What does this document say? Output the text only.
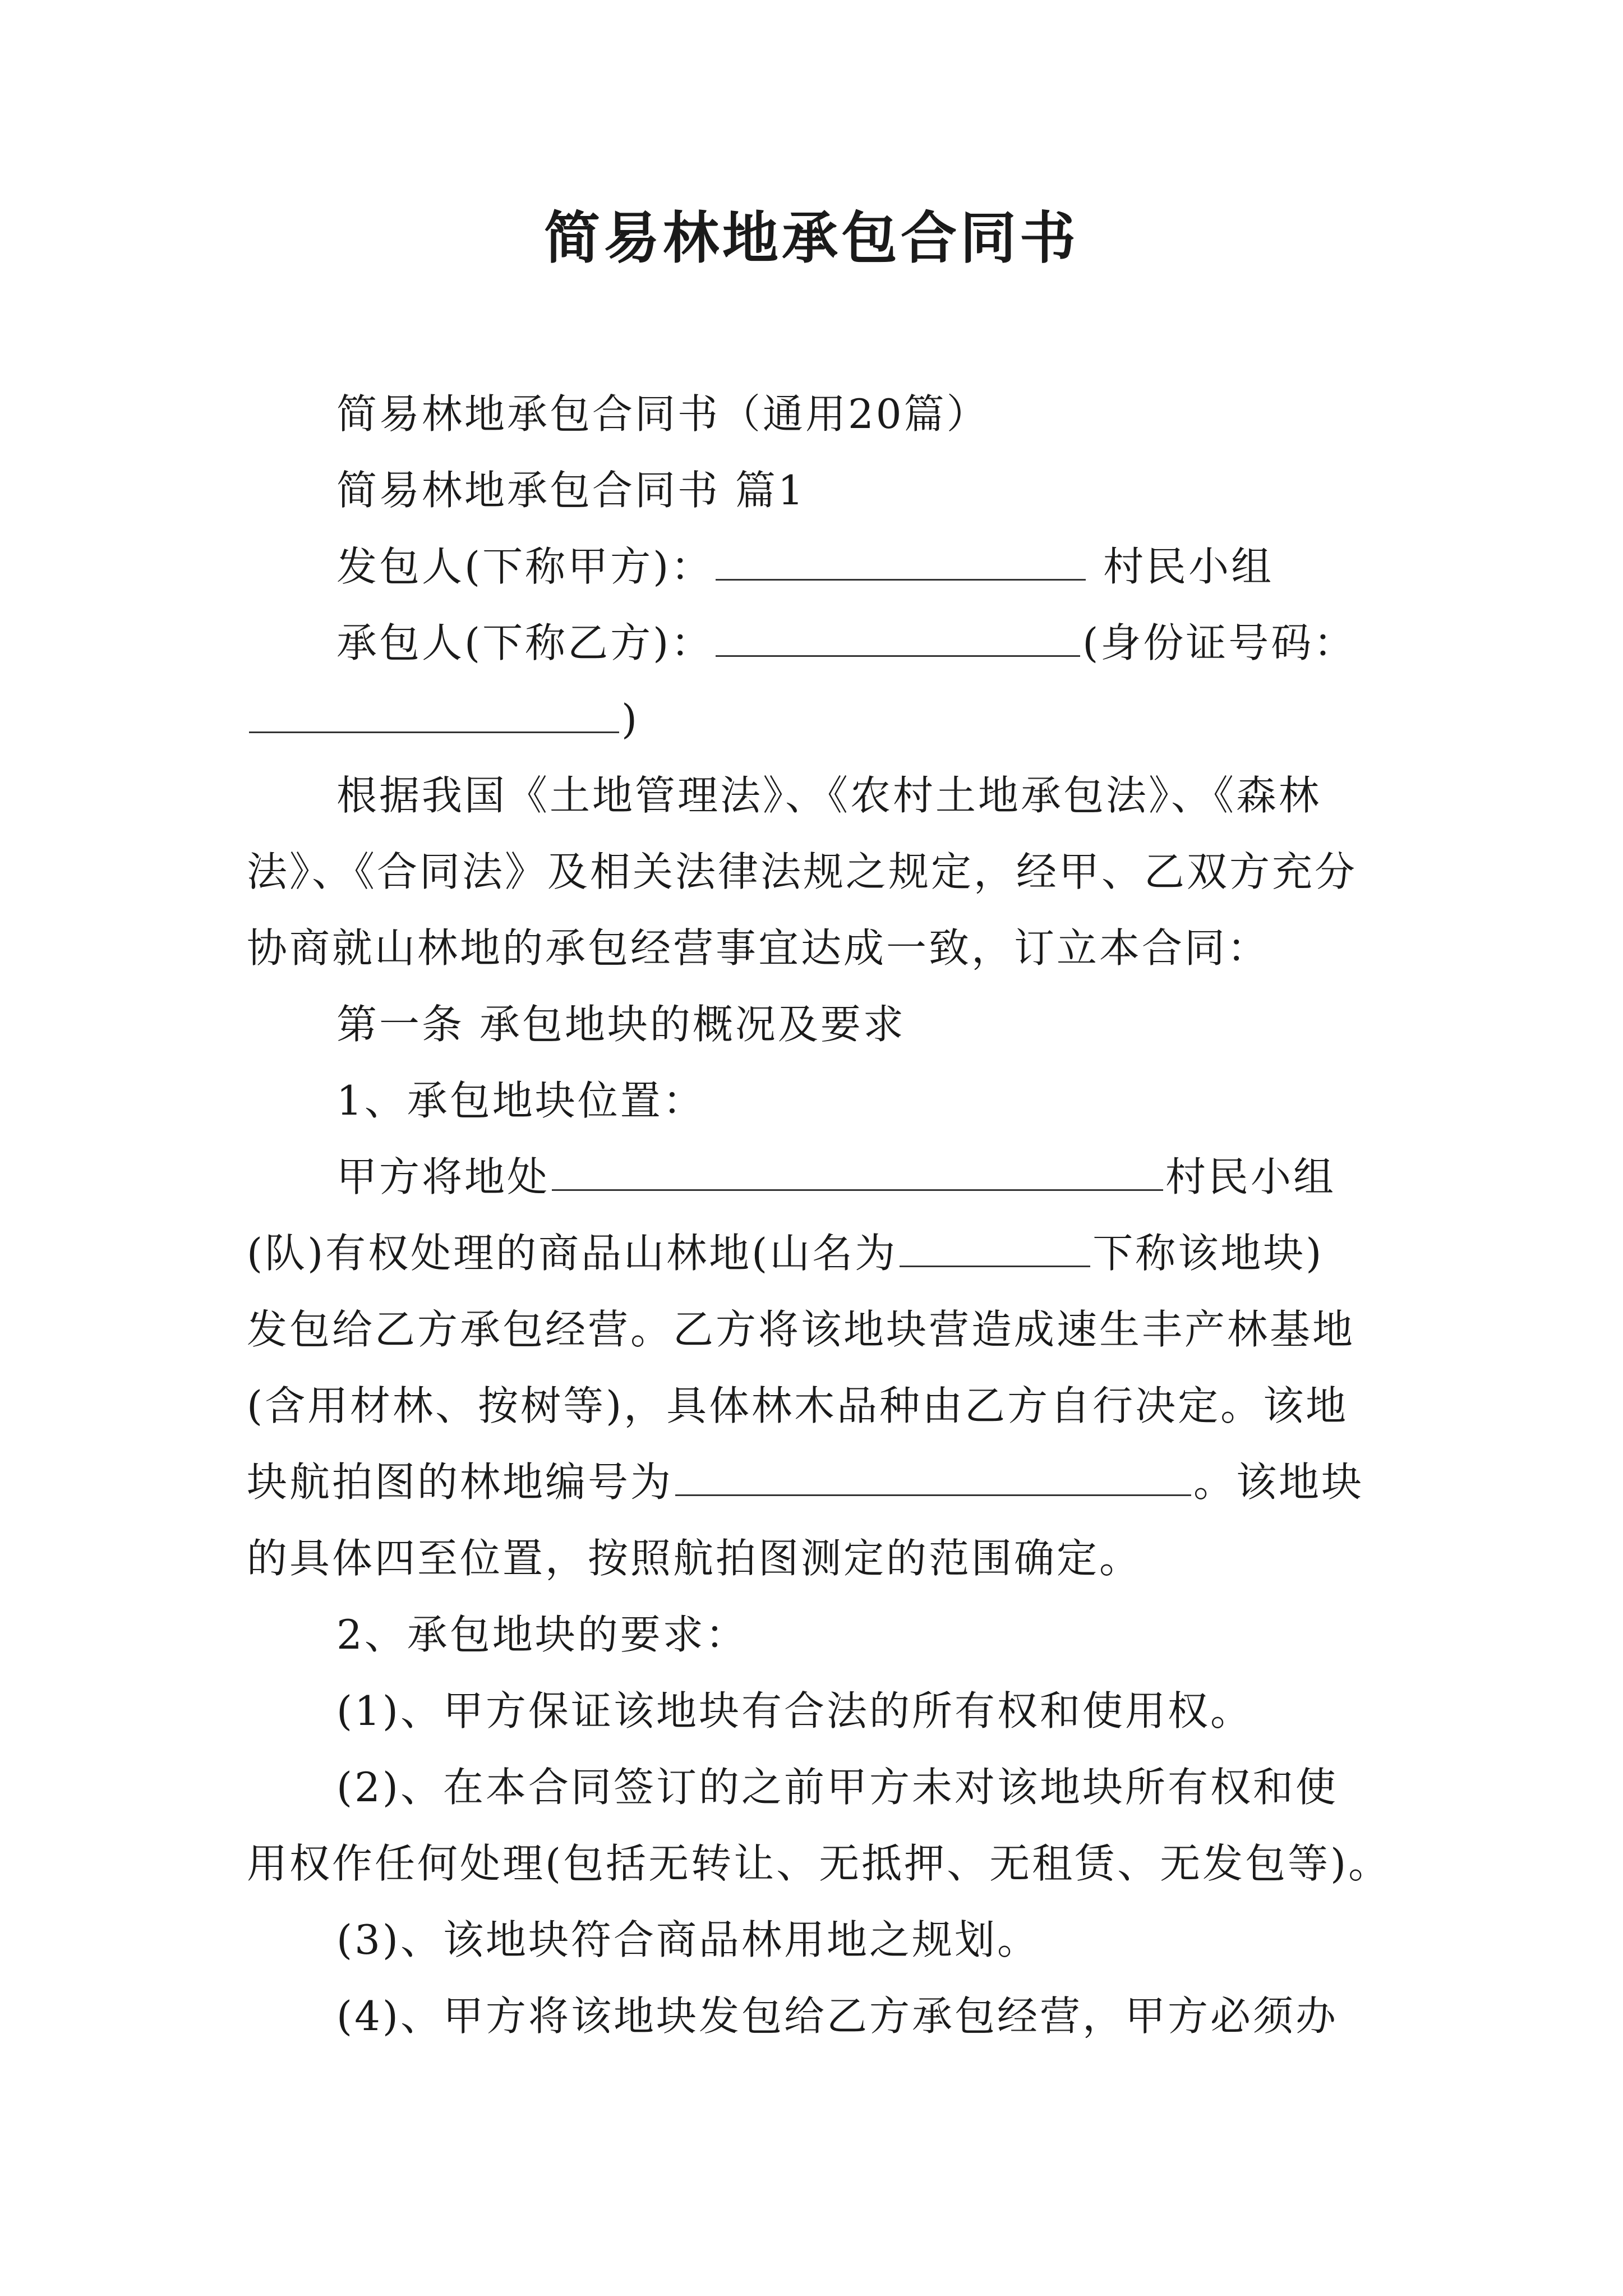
简易林地承包合同书
简易林地承包合同书（通用20篇）
简易林地承包合同书 篇1
发包人(下称甲方)：	村民小组
承包人(下称乙方)：	(身份证号码：
)
根据我国《土地管理法》、《农村土地承包法》、《森林
法》、《合同法》及相关法律法规之规定，经甲、乙双方充分
协商就山林地的承包经营事宜达成一致，订立本合同：
第一条 承包地块的概况及要求
1、承包地块位置：
甲方将地处	村民小组
(队)有权处理的商品山林地(山名为	下称该地块)
发包给乙方承包经营。乙方将该地块营造成速生丰产林基地
(含用材林、按树等)，具体林木品种由乙方自行决定。该地
块航拍图的林地编号为	。该地块
的具体四至位置，按照航拍图测定的范围确定。
2、承包地块的要求：
(1)、甲方保证该地块有合法的所有权和使用权。
(2)、在本合同签订的之前甲方未对该地块所有权和使
用权作任何处理(包括无转让、无抵押、无租赁、无发包等)。
(3)、该地块符合商品林用地之规划。
(4)、甲方将该地块发包给乙方承包经营，甲方必须办
